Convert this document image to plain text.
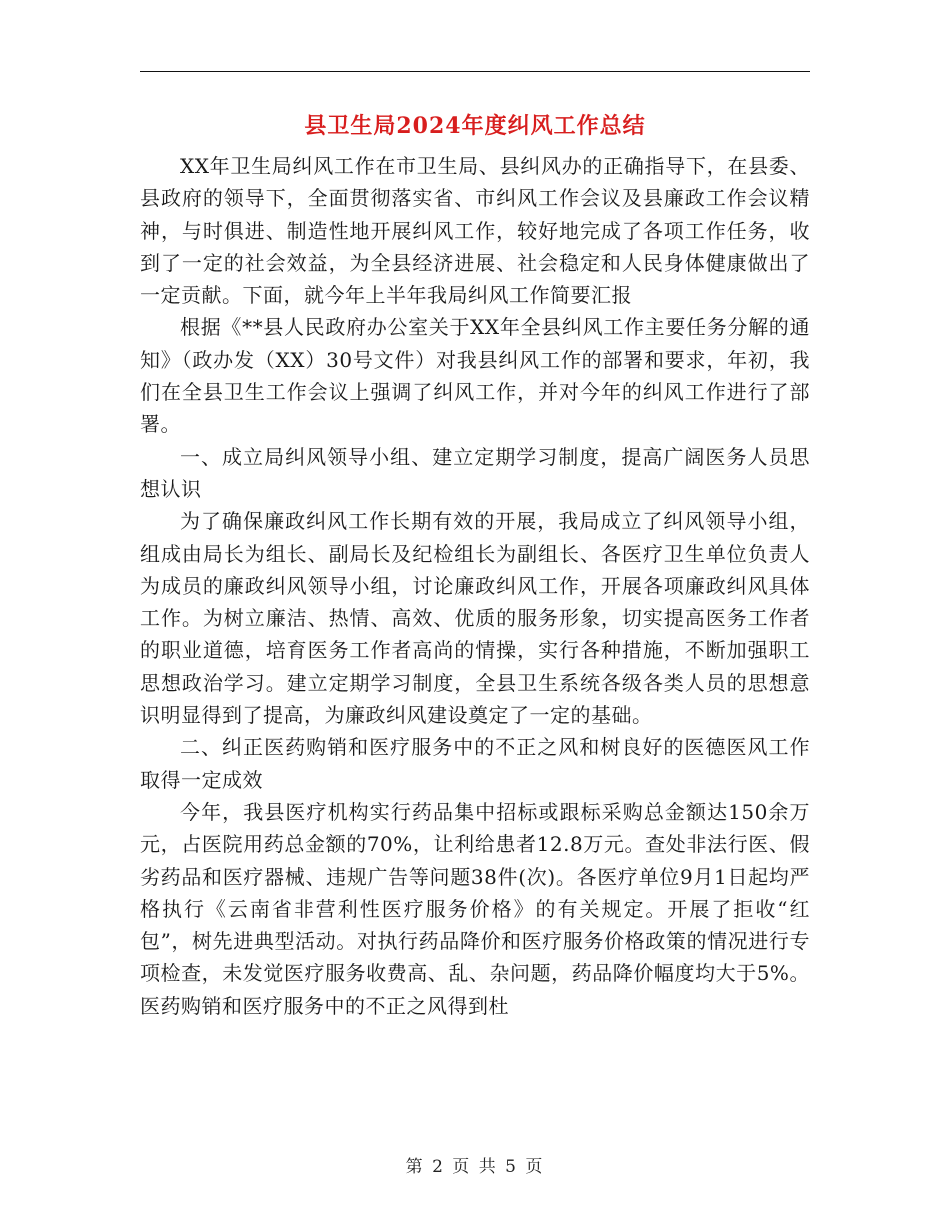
县卫生局2024年度纠风工作总结

XX年卫生局纠风工作在市卫生局、县纠风办的正确指导下，在县委、县政府的领导下，全面贯彻落实省、市纠风工作会议及县廉政工作会议精神，与时俱进、制造性地开展纠风工作，较好地完成了各项工作任务，收到了一定的社会效益，为全县经济进展、社会稳定和人民身体健康做出了一定贡献。下面，就今年上半年我局纠风工作简要汇报

根据《**县人民政府办公室关于XX年全县纠风工作主要任务分解的通知》（政办发（XX）30号文件）对我县纠风工作的部署和要求，年初，我们在全县卫生工作会议上强调了纠风工作，并对今年的纠风工作进行了部署。

一、成立局纠风领导小组、建立定期学习制度，提高广阔医务人员思想认识

为了确保廉政纠风工作长期有效的开展，我局成立了纠风领导小组，组成由局长为组长、副局长及纪检组长为副组长、各医疗卫生单位负责人为成员的廉政纠风领导小组，讨论廉政纠风工作，开展各项廉政纠风具体工作。为树立廉洁、热情、高效、优质的服务形象，切实提高医务工作者的职业道德，培育医务工作者高尚的情操，实行各种措施，不断加强职工思想政治学习。建立定期学习制度，全县卫生系统各级各类人员的思想意识明显得到了提高，为廉政纠风建设奠定了一定的基础。

二、纠正医药购销和医疗服务中的不正之风和树良好的医德医风工作取得一定成效

今年，我县医疗机构实行药品集中招标或跟标采购总金额达150余万元，占医院用药总金额的70%，让利给患者12.8万元。查处非法行医、假劣药品和医疗器械、违规广告等问题38件(次)。各医疗单位9月1日起均严格执行《云南省非营利性医疗服务价格》的有关规定。开展了拒收“红包”，树先进典型活动。对执行药品降价和医疗服务价格政策的情况进行专项检查，未发觉医疗服务收费高、乱、杂问题，药品降价幅度均大于5%。医药购销和医疗服务中的不正之风得到杜

第 2 页 共 5 页
